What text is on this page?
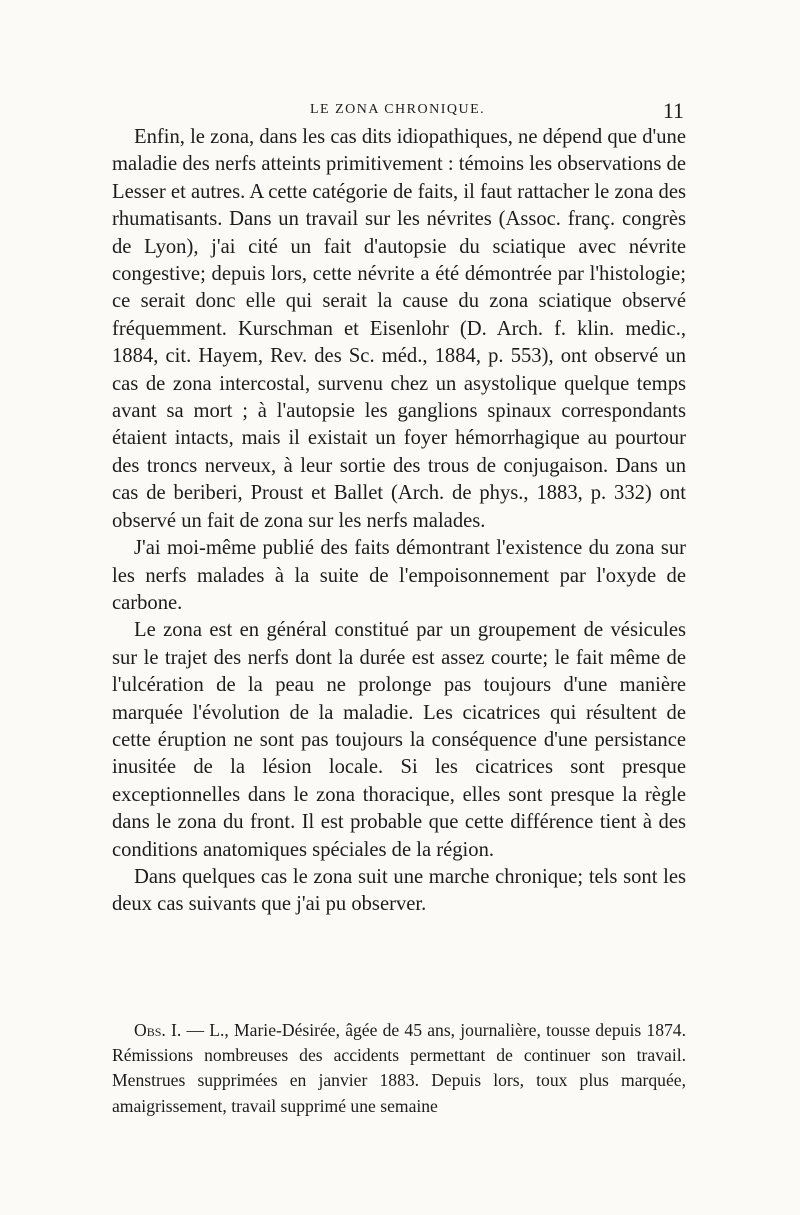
LE ZONA CHRONIQUE.	11

Enfin, le zona, dans les cas dits idiopathiques, ne dépend que d'une maladie des nerfs atteints primitivement : témoins les observations de Lesser et autres. A cette catégorie de faits, il faut rattacher le zona des rhumatisants. Dans un travail sur les névrites (Assoc. franç. congrès de Lyon), j'ai cité un fait d'autopsie du sciatique avec névrite congestive; depuis lors, cette névrite a été démontrée par l'histologie; ce serait donc elle qui serait la cause du zona sciatique observé fréquemment. Kurschman et Eisenlohr (D. Arch. f. klin. medic., 1884, cit. Hayem, Rev. des Sc. méd., 1884, p. 553), ont observé un cas de zona intercostal, survenu chez un asystolique quelque temps avant sa mort ; à l'autopsie les ganglions spinaux correspondants étaient intacts, mais il existait un foyer hémorrhagique au pourtour des troncs nerveux, à leur sortie des trous de conjugaison. Dans un cas de beriberi, Proust et Ballet (Arch. de phys., 1883, p. 332) ont observé un fait de zona sur les nerfs malades.

J'ai moi-même publié des faits démontrant l'existence du zona sur les nerfs malades à la suite de l'empoisonnement par l'oxyde de carbone.

Le zona est en général constitué par un groupement de vésicules sur le trajet des nerfs dont la durée est assez courte; le fait même de l'ulcération de la peau ne prolonge pas toujours d'une manière marquée l'évolution de la maladie. Les cicatrices qui résultent de cette éruption ne sont pas toujours la conséquence d'une persistance inusitée de la lésion locale. Si les cicatrices sont presque exceptionnelles dans le zona thoracique, elles sont presque la règle dans le zona du front. Il est probable que cette différence tient à des conditions anatomiques spéciales de la région.

Dans quelques cas le zona suit une marche chronique; tels sont les deux cas suivants que j'ai pu observer.

Obs. I. — L., Marie-Désirée, âgée de 45 ans, journalière, tousse depuis 1874. Rémissions nombreuses des accidents permettant de continuer son travail. Menstrues supprimées en janvier 1883. Depuis lors, toux plus marquée, amaigrissement, travail supprimé une semaine
